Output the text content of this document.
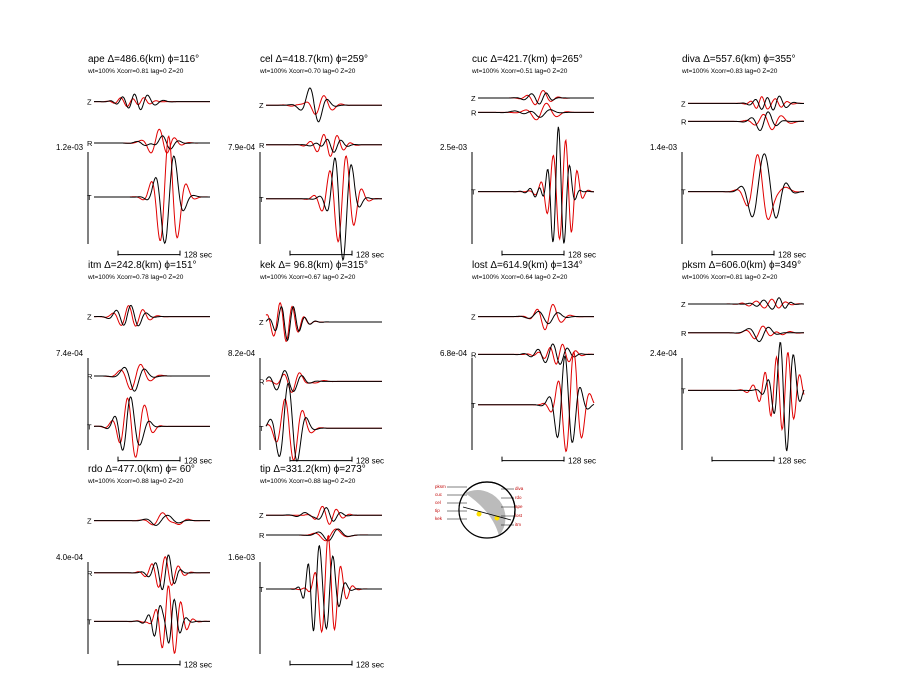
ape Δ=486.6(km) ϕ=116°
wt=100% Xcorr=0.81 lag=0 Z=20
Z
R
T
1.2e-03
128 sec
cel Δ=418.7(km) ϕ=259°
wt=100% Xcorr=0.70 lag=0 Z=20
Z
R
T
7.9e-04
128 sec
cuc Δ=421.7(km) ϕ=265°
wt=100% Xcorr=0.51 lag=0 Z=20
Z
R
T
2.5e-03
128 sec
diva Δ=557.6(km) ϕ=355°
wt=100% Xcorr=0.83 lag=0 Z=20
Z
R
T
1.4e-03
128 sec
itm Δ=242.8(km) ϕ=151°
wt=100% Xcorr=0.78 lag=0 Z=20
Z
R
T
7.4e-04
128 sec
kek Δ= 96.8(km) ϕ=315°
wt=100% Xcorr=0.67 lag=0 Z=20
Z
R
T
8.2e-04
128 sec
lost Δ=614.9(km) ϕ=134°
wt=100% Xcorr=0.64 lag=0 Z=20
Z
R
T
6.8e-04
128 sec
pksm Δ=606.0(km) ϕ=349°
wt=100% Xcorr=0.81 lag=0 Z=20
Z
R
T
2.4e-04
128 sec
rdo Δ=477.0(km) ϕ= 60°
wt=100% Xcorr=0.88 lag=0 Z=20
Z
R
T
4.0e-04
128 sec
tip Δ=331.2(km) ϕ=273°
wt=100% Xcorr=0.88 lag=0 Z=20
Z
R
T
1.6e-03
128 sec
pksm
cuc
cel
tip
kek
diva
rdo
ape
lost
itm
